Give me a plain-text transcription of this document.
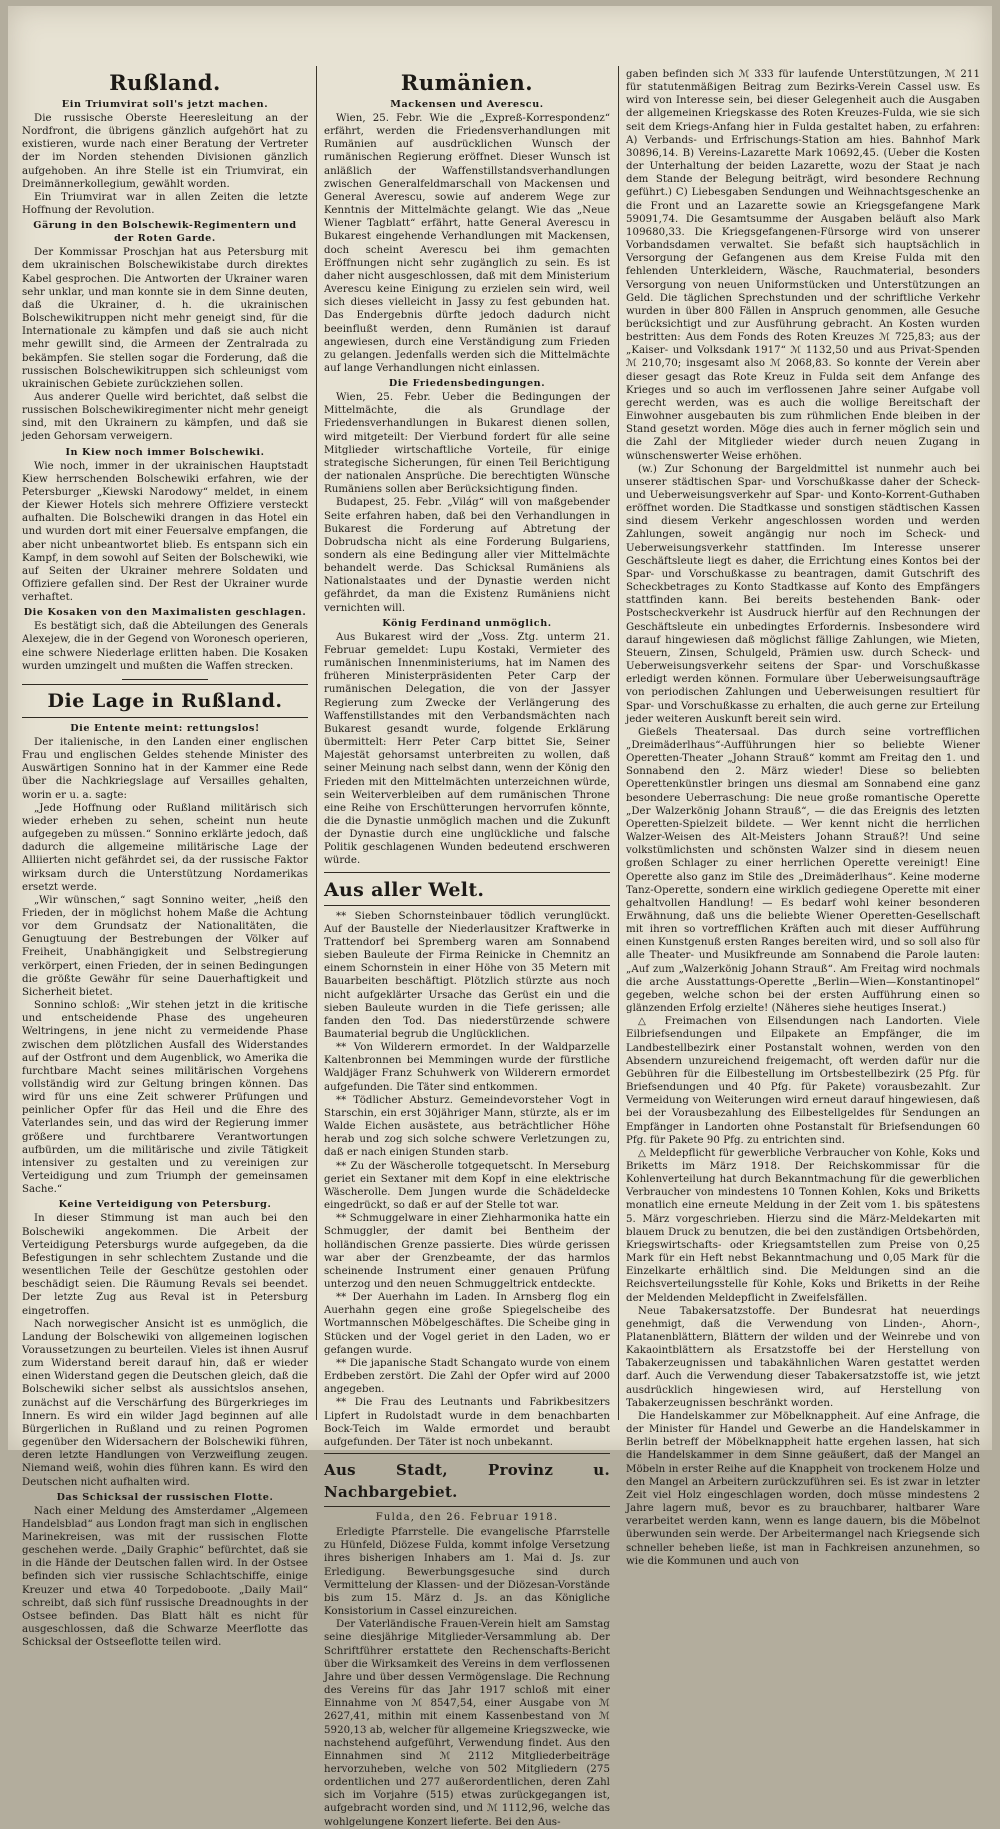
Rußland.
Ein Triumvirat soll's jetzt machen.

Die russische Oberste Heeresleitung an der Nordfront, die übrigens gänzlich aufgehört hat zu existieren, wurde nach einer Beratung der Vertreter der im Norden stehenden Divisionen gänzlich aufgehoben. An ihre Stelle ist ein Triumvirat, ein Dreimännerkollegium, gewählt worden.

Ein Triumvirat war in allen Zeiten die letzte Hoffnung der Revolution.

Gärung in den Bolschewik-Regimentern und der Roten Garde.

Der Kommissar Proschjan hat aus Petersburg mit dem ukrainischen Bolschewikistabe durch direktes Kabel gesprochen. Die Antworten der Ukrainer waren sehr unklar, und man konnte sie in dem Sinne deuten, daß die Ukrainer, d. h. die ukrainischen Bolschewikitruppen nicht mehr geneigt sind, für die Internationale zu kämpfen und daß sie auch nicht mehr gewillt sind, die Armeen der Zentralrada zu bekämpfen. Sie stellen sogar die Forderung, daß die russischen Bolschewikitruppen sich schleunigst vom ukrainischen Gebiete zurückziehen sollen.

Aus anderer Quelle wird berichtet, daß selbst die russischen Bolschewikiregimenter nicht mehr geneigt sind, mit den Ukrainern zu kämpfen, und daß sie jeden Gehorsam verweigern.

In Kiew noch immer Bolschewiki.

Wie noch, immer in der ukrainischen Hauptstadt Kiew herrschenden Bolschewiki erfahren, wie der Petersburger „Kiewski Narodowy“ meldet, in einem der Kiewer Hotels sich mehrere Offiziere versteckt aufhalten. Die Bolschewiki drangen in das Hotel ein und wurden dort mit einer Feuersalve empfangen, die aber nicht unbeantwortet blieb. Es entspann sich ein Kampf, in dem sowohl auf Seiten der Bolschewiki, wie auf Seiten der Ukrainer mehrere Soldaten und Offiziere gefallen sind. Der Rest der Ukrainer wurde verhaftet.

Die Kosaken von den Maximalisten geschlagen.

Es bestätigt sich, daß die Abteilungen des Generals Alexejew, die in der Gegend von Woronesch operieren, eine schwere Niederlage erlitten haben. Die Kosaken wurden umzingelt und mußten die Waffen strecken.

Die Lage in Rußland.
Die Entente meint: rettungslos!

Der italienische, in den Landen einer englischen Frau und englischen Geldes stehende Minister des Auswärtigen Sonnino hat in der Kammer eine Rede über die Nachkriegslage auf Versailles gehalten, worin er u. a. sagte:

„Jede Hoffnung oder Rußland militärisch sich wieder erheben zu sehen, scheint nun heute aufgegeben zu müssen.“ Sonnino erklärte jedoch, daß dadurch die allgemeine militärische Lage der Alliierten nicht gefährdet sei, da der russische Faktor wirksam durch die Unterstützung Nordamerikas ersetzt werde.

„Wir wünschen,“ sagt Sonnino weiter, „heiß den Frieden, der in möglichst hohem Maße die Achtung vor dem Grundsatz der Nationalitäten, die Genugtuung der Bestrebungen der Völker auf Freiheit, Unabhängigkeit und Selbstregierung verkörpert, einen Frieden, der in seinen Bedingungen die größte Gewähr für seine Dauerhaftigkeit und Sicherheit bietet.

Sonnino schloß: „Wir stehen jetzt in die kritische und entscheidende Phase des ungeheuren Weltringens, in jene nicht zu vermeidende Phase zwischen dem plötzlichen Ausfall des Widerstandes auf der Ostfront und dem Augenblick, wo Amerika die furchtbare Macht seines militärischen Vorgehens vollständig wird zur Geltung bringen können. Das wird für uns eine Zeit schwerer Prüfungen und peinlicher Opfer für das Heil und die Ehre des Vaterlandes sein, und das wird der Regierung immer größere und furchtbarere Verantwortungen aufbürden, um die militärische und zivile Tätigkeit intensiver zu gestalten und zu vereinigen zur Verteidigung und zum Triumph der gemeinsamen Sache.“

Keine Verteidigung von Petersburg.

In dieser Stimmung ist man auch bei den Bolschewiki angekommen. Die Arbeit der Verteidigung Petersburgs wurde aufgegeben, da die Befestigungen in sehr schlechtem Zustande und die wesentlichen Teile der Geschütze gestohlen oder beschädigt seien. Die Räumung Revals sei beendet. Der letzte Zug aus Reval ist in Petersburg eingetroffen.

Nach norwegischer Ansicht ist es unmöglich, die Landung der Bolschewiki von allgemeinen logischen Voraussetzungen zu beurteilen. Vieles ist ihnen Ausruf zum Widerstand bereit darauf hin, daß er wieder einen Widerstand gegen die Deutschen gleich, daß die Bolschewiki sicher selbst als aussichtslos ansehen, zunächst auf die Verschärfung des Bürgerkrieges im Innern. Es wird ein wilder Jagd beginnen auf alle Bürgerlichen in Rußland und zu reinen Pogromen gegenüber den Widersachern der Bolschewiki führen, deren letzte Handlungen von Verzweiflung zeugen. Niemand weiß, wohin dies führen kann. Es wird den Deutschen nicht aufhalten wird.

Das Schicksal der russischen Flotte.

Nach einer Meldung des Amsterdamer „Algemeen Handelsblad“ aus London fragt man sich in englischen Marinekreisen, was mit der russischen Flotte geschehen werde. „Daily Graphic“ befürchtet, daß sie in die Hände der Deutschen fallen wird. In der Ostsee befinden sich vier russische Schlachtschiffe, einige Kreuzer und etwa 40 Torpedoboote. „Daily Mail“ schreibt, daß sich fünf russische Dreadnoughts in der Ostsee befinden. Das Blatt hält es nicht für ausgeschlossen, daß die Schwarze Meerflotte das Schicksal der Ostseeflotte teilen wird.

Rumänien.
Mackensen und Averescu.

Wien, 25. Febr. Wie die „Expreß-Korrespondenz“ erfährt, werden die Friedensverhandlungen mit Rumänien auf ausdrücklichen Wunsch der rumänischen Regierung eröffnet. Dieser Wunsch ist anläßlich der Waffenstillstandsverhandlungen zwischen Generalfeldmarschall von Mackensen und General Averescu, sowie auf anderem Wege zur Kenntnis der Mittelmächte gelangt. Wie das „Neue Wiener Tagblatt“ erfährt, hatte General Averescu in Bukarest eingehende Verhandlungen mit Mackensen, doch scheint Averescu bei ihm gemachten Eröffnungen nicht sehr zugänglich zu sein. Es ist daher nicht ausgeschlossen, daß mit dem Ministerium Averescu keine Einigung zu erzielen sein wird, weil sich dieses vielleicht in Jassy zu fest gebunden hat. Das Endergebnis dürfte jedoch dadurch nicht beeinflußt werden, denn Rumänien ist darauf angewiesen, durch eine Verständigung zum Frieden zu gelangen. Jedenfalls werden sich die Mittelmächte auf lange Verhandlungen nicht einlassen.

Die Friedensbedingungen.

Wien, 25. Febr. Ueber die Bedingungen der Mittelmächte, die als Grundlage der Friedensverhandlungen in Bukarest dienen sollen, wird mitgeteilt: Der Vierbund fordert für alle seine Mitglieder wirtschaftliche Vorteile, für einige strategische Sicherungen, für einen Teil Berichtigung der nationalen Ansprüche. Die berechtigten Wünsche Rumäniens sollen aber Berücksichtigung finden.

Budapest, 25. Febr. „Világ“ will von maßgebender Seite erfahren haben, daß bei den Verhandlungen in Bukarest die Forderung auf Abtretung der Dobrudscha nicht als eine Forderung Bulgariens, sondern als eine Bedingung aller vier Mittelmächte behandelt werde. Das Schicksal Rumäniens als Nationalstaates und der Dynastie werden nicht gefährdet, da man die Existenz Rumäniens nicht vernichten will.

König Ferdinand unmöglich.

Aus Bukarest wird der „Voss. Ztg. unterm 21. Februar gemeldet: Lupu Kostaki, Vermieter des rumänischen Innenministeriums, hat im Namen des früheren Ministerpräsidenten Peter Carp der rumänischen Delegation, die von der Jassyer Regierung zum Zwecke der Verlängerung des Waffenstillstandes mit den Verbandsmächten nach Bukarest gesandt wurde, folgende Erklärung übermittelt: Herr Peter Carp bittet Sie, Seiner Majestät gehorsamst unterbreiten zu wollen, daß seiner Meinung nach selbst dann, wenn der König den Frieden mit den Mittelmächten unterzeichnen würde, sein Weiterverbleiben auf dem rumänischen Throne eine Reihe von Erschütterungen hervorrufen könnte, die die Dynastie unmöglich machen und die Zukunft der Dynastie durch eine unglückliche und falsche Politik geschlagenen Wunden bedeutend erschweren würde.

Aus aller Welt.

** Sieben Schornsteinbauer tödlich verunglückt. Auf der Baustelle der Niederlausitzer Kraftwerke in Trattendorf bei Spremberg waren am Sonnabend sieben Bauleute der Firma Reinicke in Chemnitz an einem Schornstein in einer Höhe von 35 Metern mit Bauarbeiten beschäftigt. Plötzlich stürzte aus noch nicht aufgeklärter Ursache das Gerüst ein und die sieben Bauleute wurden in die Tiefe gerissen; alle fanden den Tod. Das niederstürzende schwere Baumaterial begrub die Unglücklichen.

** Von Wilderern ermordet. In der Waldparzelle Kaltenbronnen bei Memmingen wurde der fürstliche Waldjäger Franz Schuhwerk von Wilderern ermordet aufgefunden. Die Täter sind entkommen.

** Tödlicher Absturz. Gemeindevorsteher Vogt in Starschin, ein erst 30jähriger Mann, stürzte, als er im Walde Eichen ausästete, aus beträchtlicher Höhe herab und zog sich solche schwere Verletzungen zu, daß er nach einigen Stunden starb.

** Zu der Wäscherolle totgequetscht. In Merseburg geriet ein Sextaner mit dem Kopf in eine elektrische Wäscherolle. Dem Jungen wurde die Schädeldecke eingedrückt, so daß er auf der Stelle tot war.

** Schmuggelware in einer Ziehharmonika hatte ein Schmuggler, der damit bei Bentheim der holländischen Grenze passierte. Dies würde gerissen war aber der Grenzbeamte, der das harmlos scheinende Instrument einer genauen Prüfung unterzog und den neuen Schmuggeltrick entdeckte.

** Der Auerhahn im Laden. In Arnsberg flog ein Auerhahn gegen eine große Spiegelscheibe des Wortmannschen Möbelgeschäftes. Die Scheibe ging in Stücken und der Vogel geriet in den Laden, wo er gefangen wurde.

** Die japanische Stadt Schangato wurde von einem Erdbeben zerstört. Die Zahl der Opfer wird auf 2000 angegeben.

** Die Frau des Leutnants und Fabrikbesitzers Lipfert in Rudolstadt wurde in dem benachbarten Bock-Teich im Walde ermordet und beraubt aufgefunden. Der Täter ist noch unbekannt.

Aus Stadt, Provinz u. Nachbargebiet.
Fulda, den 26. Februar 1918.

Erledigte Pfarrstelle. Die evangelische Pfarrstelle zu Hünfeld, Diözese Fulda, kommt infolge Versetzung ihres bisherigen Inhabers am 1. Mai d. Js. zur Erledigung. Bewerbungsgesuche sind durch Vermittelung der Klassen- und der Diözesan-Vorstände bis zum 15. März d. Js. an das Königliche Konsistorium in Cassel einzureichen.

Der Vaterländische Frauen-Verein hielt am Samstag seine diesjährige Mitglieder-Versammlung ab. Der Schriftführer erstattete den Rechenschafts-Bericht über die Wirksamkeit des Vereins in dem verflossenen Jahre und über dessen Vermögenslage. Die Rechnung des Vereins für das Jahr 1917 schloß mit einer Einnahme von ℳ 8547,54, einer Ausgabe von ℳ 2627,41, mithin mit einem Kassenbestand von ℳ 5920,13 ab, welcher für allgemeine Kriegszwecke, wie nachstehend aufgeführt, Verwendung findet. Aus den Einnahmen sind ℳ 2112 Mitgliederbeiträge hervorzuheben, welche von 502 Mitgliedern (275 ordentlichen und 277 außerordentlichen, deren Zahl sich im Vorjahre (515) etwas zurückgegangen ist, aufgebracht worden sind, und ℳ 1112,96, welche das wohlgelungene Konzert lieferte. Bei den Aus-

gaben befinden sich ℳ 333 für laufende Unterstützungen, ℳ 211 für statutenmäßigen Beitrag zum Bezirks-Verein Cassel usw. Es wird von Interesse sein, bei dieser Gelegenheit auch die Ausgaben der allgemeinen Kriegskasse des Roten Kreuzes-Fulda, wie sie sich seit dem Kriegs-Anfang hier in Fulda gestaltet haben, zu erfahren: A) Verbands- und Erfrischungs-Station am hies. Bahnhof Mark 30896,14. B) Vereins-Lazarette Mark 10692,45. (Ueber die Kosten der Unterhaltung der beiden Lazarette, wozu der Staat je nach dem Stande der Belegung beiträgt, wird besondere Rechnung geführt.) C) Liebesgaben Sendungen und Weihnachtsgeschenke an die Front und an Lazarette sowie an Kriegsgefangene Mark 59091,74. Die Gesamtsumme der Ausgaben beläuft also Mark 109680,33. Die Kriegsgefangenen-Fürsorge wird von unserer Vorbandsdamen verwaltet. Sie befaßt sich hauptsächlich in Versorgung der Gefangenen aus dem Kreise Fulda mit den fehlenden Unterkleidern, Wäsche, Rauchmaterial, besonders Versorgung von neuen Uniformstücken und Unterstützungen an Geld. Die täglichen Sprechstunden und der schriftliche Verkehr wurden in über 800 Fällen in Anspruch genommen, alle Gesuche berücksichtigt und zur Ausführung gebracht. An Kosten wurden bestritten: Aus dem Fonds des Roten Kreuzes ℳ 725,83; aus der „Kaiser- und Volksdank 1917“ ℳ 1132,50 und aus Privat-Spenden ℳ 210,70; insgesamt also ℳ 2068,83. So konnte der Verein aber dieser gesagt das Rote Kreuz in Fulda seit dem Anfange des Krieges und so auch im verflossenen Jahre seiner Aufgabe voll gerecht werden, was es auch die wollige Bereitschaft der Einwohner ausgebauten bis zum rühmlichen Ende bleiben in der Stand gesetzt worden. Möge dies auch in ferner möglich sein und die Zahl der Mitglieder wieder durch neuen Zugang in wünschenswerter Weise erhöhen.

(w.) Zur Schonung der Bargeldmittel ist nunmehr auch bei unserer städtischen Spar- und Vorschußkasse daher der Scheck- und Ueberweisungsverkehr auf Spar- und Konto-Korrent-Guthaben eröffnet worden. Die Stadtkasse und sonstigen städtischen Kassen sind diesem Verkehr angeschlossen worden und werden Zahlungen, soweit angängig nur noch im Scheck- und Ueberweisungsverkehr stattfinden. Im Interesse unserer Geschäftsleute liegt es daher, die Errichtung eines Kontos bei der Spar- und Vorschußkasse zu beantragen, damit Gutschrift des Scheckbetrages zu Konto Stadtkasse auf Konto des Empfängers stattfinden kann. Bei bereits bestehenden Bank- oder Postscheckverkehr ist Ausdruck hierfür auf den Rechnungen der Geschäftsleute ein unbedingtes Erfordernis. Insbesondere wird darauf hingewiesen daß möglichst fällige Zahlungen, wie Mieten, Steuern, Zinsen, Schulgeld, Prämien usw. durch Scheck- und Ueberweisungsverkehr seitens der Spar- und Vorschußkasse erledigt werden können. Formulare über Ueberweisungsaufträge von periodischen Zahlungen und Ueberweisungen resultiert für Spar- und Vorschußkasse zu erhalten, die auch gerne zur Erteilung jeder weiteren Auskunft bereit sein wird.

Gießels Theatersaal. Das durch seine vortrefflichen „Dreimäderlhaus“-Aufführungen hier so beliebte Wiener Operetten-Theater „Johann Strauß“ kommt am Freitag den 1. und Sonnabend den 2. März wieder! Diese so beliebten Operettenkünstler bringen uns diesmal am Sonnabend eine ganz besondere Ueberraschung: Die neue große romantische Operette „Der Walzerkönig Johann Strauß“, — die das Ereignis des letzten Operetten-Spielzeit bildete. — Wer kennt nicht die herrlichen Walzer-Weisen des Alt-Meisters Johann Strauß?! Und seine volkstümlichsten und schönsten Walzer sind in diesem neuen großen Schlager zu einer herrlichen Operette vereinigt! Eine Operette also ganz im Stile des „Dreimäderlhaus“. Keine moderne Tanz-Operette, sondern eine wirklich gediegene Operette mit einer gehaltvollen Handlung! — Es bedarf wohl keiner besonderen Erwähnung, daß uns die beliebte Wiener Operetten-Gesellschaft mit ihren so vortrefflichen Kräften auch mit dieser Aufführung einen Kunstgenuß ersten Ranges bereiten wird, und so soll also für alle Theater- und Musikfreunde am Sonnabend die Parole lauten: „Auf zum „Walzerkönig Johann Strauß“. Am Freitag wird nochmals die arche Ausstattungs-Operette „Berlin—Wien—Konstantinopel“ gegeben, welche schon bei der ersten Aufführung einen so glänzenden Erfolg erzielte! (Näheres siehe heutiges Inserat.)

△ Freimachen von Eilsendungen nach Landorten. Viele Eilbriefsendungen und Eilpakete an Empfänger, die im Landbestellbezirk einer Postanstalt wohnen, werden von den Absendern unzureichend freigemacht, oft werden dafür nur die Gebühren für die Eilbestellung im Ortsbestellbezirk (25 Pfg. für Briefsendungen und 40 Pfg. für Pakete) vorausbezahlt. Zur Vermeidung von Weiterungen wird erneut darauf hingewiesen, daß bei der Vorausbezahlung des Eilbestellgeldes für Sendungen an Empfänger in Landorten ohne Postanstalt für Briefsendungen 60 Pfg. für Pakete 90 Pfg. zu entrichten sind.

△ Meldepflicht für gewerbliche Verbraucher von Kohle, Koks und Briketts im März 1918. Der Reichskommissar für die Kohlenverteilung hat durch Bekanntmachung für die gewerblichen Verbraucher von mindestens 10 Tonnen Kohlen, Koks und Briketts monatlich eine erneute Meldung in der Zeit vom 1. bis spätestens 5. März vorgeschrieben. Hierzu sind die März-Meldekarten mit blauem Druck zu benutzen, die bei den zuständigen Ortsbehörden, Kriegswirtschafts- oder Kriegsamtstellen zum Preise von 0,25 Mark für ein Heft nebst Bekanntmachung und 0,05 Mark für die Einzelkarte erhältlich sind. Die Meldungen sind an die Reichsverteilungsstelle für Kohle, Koks und Briketts in der Reihe der Meldenden Meldepflicht in Zweifelsfällen.

Neue Tabakersatzstoffe. Der Bundesrat hat neuerdings genehmigt, daß die Verwendung von Linden-, Ahorn-, Platanenblättern, Blättern der wilden und der Weinrebe und von Kakaointblättern als Ersatzstoffe bei der Herstellung von Tabakerzeugnissen und tabakähnlichen Waren gestattet werden darf. Auch die Verwendung dieser Tabakersatzstoffe ist, wie jetzt ausdrücklich hingewiesen wird, auf Herstellung von Tabakerzeugnissen beschränkt worden.

Die Handelskammer zur Möbelknappheit. Auf eine Anfrage, die der Minister für Handel und Gewerbe an die Handelskammer in Berlin betreff der Möbelknappheit hatte ergehen lassen, hat sich die Handelskammer in dem Sinne geäußert, daß der Mangel an Möbeln in erster Reihe auf die Knappheit von trockenem Holze und den Mangel an Arbeitern zurückzuführen sei. Es ist zwar in letzter Zeit viel Holz eingeschlagen worden, doch müsse mindestens 2 Jahre lagern muß, bevor es zu brauchbarer, haltbarer Ware verarbeitet werden kann, wenn es lange dauern, bis die Möbelnot überwunden sein werde. Der Arbeitermangel nach Kriegsende sich schneller beheben ließe, ist man in Fachkreisen anzunehmen, so wie die Kommunen und auch von
